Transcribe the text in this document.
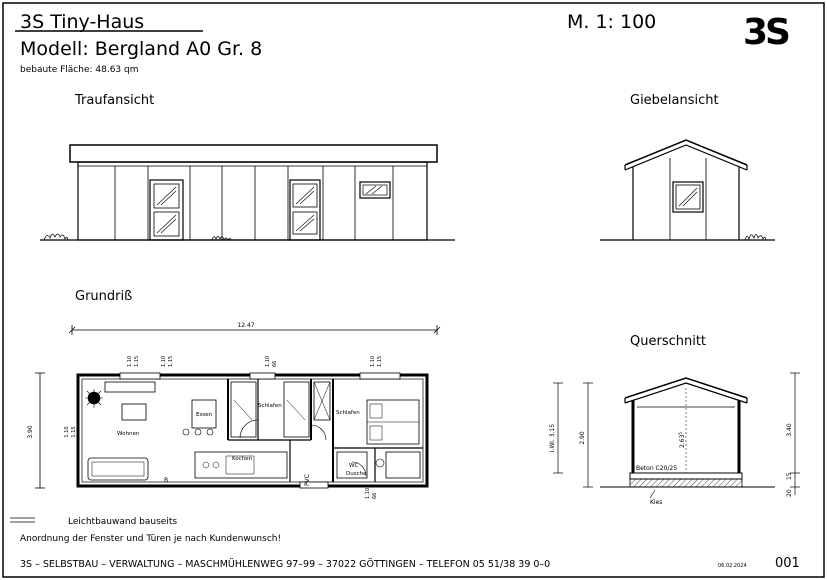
3S Tiny-Haus
Modell: Bergland A0 Gr. 8
bebaute Fläche: 48.63 qm
M. 1: 100 3S
Traufansicht	Giebelansicht
Grundriß
12.47
3.90	1.10 1.15
1.10 1.15	1.10 1.15	1.10 66	1.10 1.15
1.10 66
Wohnen
Essen
Schlafen
Schlafen
Kochen
WC
Dusche
PVC
B
Querschnitt
i.Wi. 3.15	2.90	2.63$^5$	3.40
20
15
Beton C20/25
Kies
Leichtbauwand bauseits
Anordnung der Fenster und Türen je nach Kundenwunsch!
3S – SELBSTBAU – VERWALTUNG – MASCHMÜHLENWEG 97–99 – 37022 GÖTTINGEN – TELEFON 05 51/38 39 0–0	06.02.2024 001
